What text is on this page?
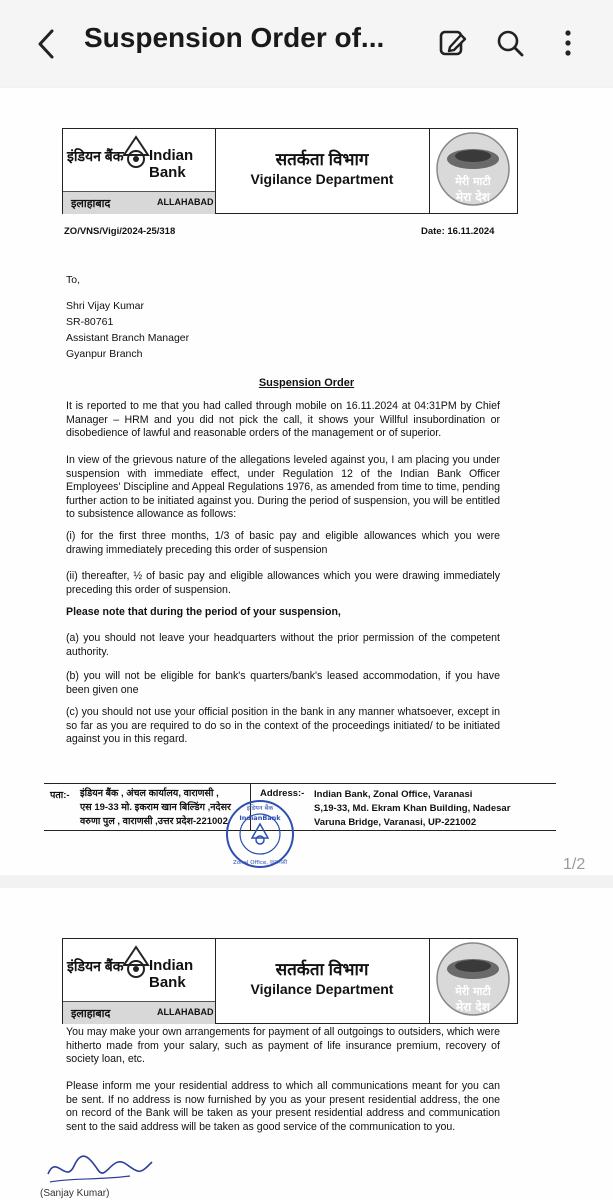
Suspension Order of...
इंडियन बैंक Indian Bank
इलाहाबाद	ALLAHABAD
सतर्कता विभाग
Vigilance Department	मेरी माटी
मेरा देश
ZO/VNS/Vigi/2024-25/318	Date: 16.11.2024
To,
Shri Vijay Kumar
SR-80761
Assistant Branch Manager
Gyanpur Branch
Suspension Order
It is reported to me that you had called through mobile on 16.11.2024 at 04:31PM by Chief Manager – HRM and you did not pick the call, it shows your Willful insubordination or disobedience of lawful and reasonable orders of the management or of superior.
In view of the grievous nature of the allegations leveled against you, I am placing you under suspension with immediate effect, under Regulation 12 of the Indian Bank Officer Employees' Discipline and Appeal Regulations 1976, as amended from time to time, pending further action to be initiated against you. During the period of suspension, you will be entitled to subsistence allowance as follows:
(i) for the first three months, 1/3 of basic pay and eligible allowances which you were drawing immediately preceding this order of suspension
(ii) thereafter, ½ of basic pay and eligible allowances which you were drawing immediately preceding this order of suspension.
Please note that during the period of your suspension,
(a) you should not leave your headquarters without the prior permission of the competent authority.
(b) you will not be eligible for bank's quarters/bank's leased accommodation, if you have been given one
(c) you should not use your official position in the bank in any manner whatsoever, except in so far as you are required to do so in the context of the proceedings initiated/ to be initiated against you in this regard.
पता:- इंडियन बैंक , अंचल कार्यालय, वाराणसी ,
एस 19-33 मो. इकराम खान बिल्डिंग ,नदेसर
वरुणा पुल , वाराणसी ,उत्तर प्रदेश-221002
Address:- Indian Bank, Zonal Office, Varanasi
S,19-33, Md. Ekram Khan Building, Nadesar
Varuna Bridge, Varanasi, UP-221002
इंडियन बैंक
IndianBank
Zonal Office, वाराणसी	1/2
इंडियन बैंक Indian Bank
इलाहाबाद	ALLAHABAD
सतर्कता विभाग
Vigilance Department	मेरी माटी
मेरा देश
You may make your own arrangements for payment of all outgoings to outsiders, which were hitherto made from your salary, such as payment of life insurance premium, recovery of society loan, etc.
Please inform me your residential address to which all communications meant for you can be sent. If no address is now furnished by you as your present residential address, the one on record of the Bank will be taken as your present residential address and communication sent to the said address will be taken as good service of the communication to you.
(Sanjay Kumar)
